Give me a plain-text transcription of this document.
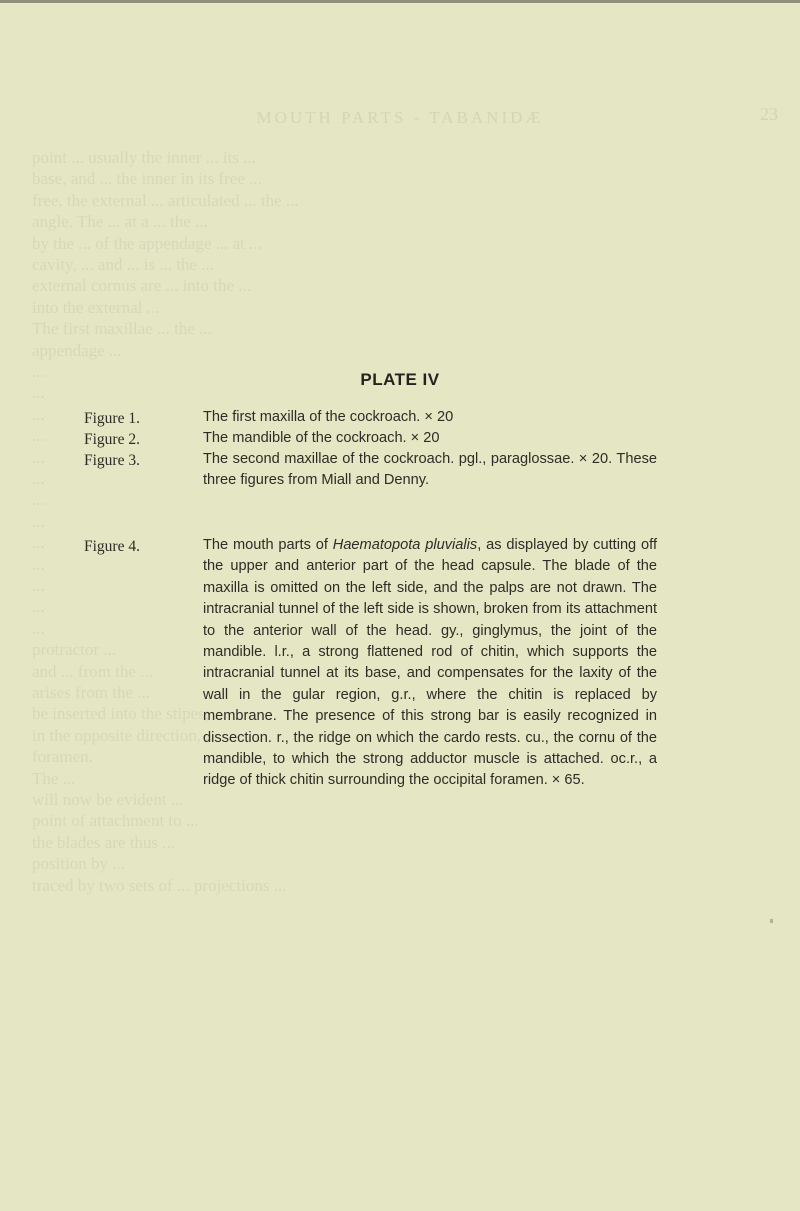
MOUTH PARTS - TABANIDÆ	23
point ... usually the inner ... its ...
base, and ... the inner in its free ...
free, the external ... articulated ... the ...
angle. The ... at a ... the ...
by the ... of the appendage ... at ...
cavity, ... and ... is ... the ...
external cornus are ... into the ...
into the external ...
The first maxillae ... the ...
appendage ...
...
...
...
...
...
...
...
...
...
...
...
...
...
protractor ...
and ... from the ...
arises from the ...
be inserted into the stipes; ...
in the opposite direction, ...
foramen.
The ...
will now be evident ...
point of attachment to ...
the blades are thus ...
position by ...
traced by two sets of ... projections ...
PLATE IV
Figure 1.	The first maxilla of the cockroach. × 20
Figure 2.	The mandible of the cockroach. × 20
Figure 3.	The second maxillae of the cockroach. pgl., paraglossae. × 20. These three figures from Miall and Denny.
Figure 4.	The mouth parts of Haematopota pluvialis, as displayed by cutting off the upper and anterior part of the head capsule. The blade of the maxilla is omitted on the left side, and the palps are not drawn. The intracranial tunnel of the left side is shown, broken from its attachment to the anterior wall of the head. gy., ginglymus, the joint of the mandible. l.r., a strong flattened rod of chitin, which supports the intracranial tunnel at its base, and compensates for the laxity of the wall in the gular region, g.r., where the chitin is replaced by membrane. The presence of this strong bar is easily recognized in dissection. r., the ridge on which the cardo rests. cu., the cornu of the mandible, to which the strong adductor muscle is attached. oc.r., a ridge of thick chitin surrounding the occipital foramen. × 65.
